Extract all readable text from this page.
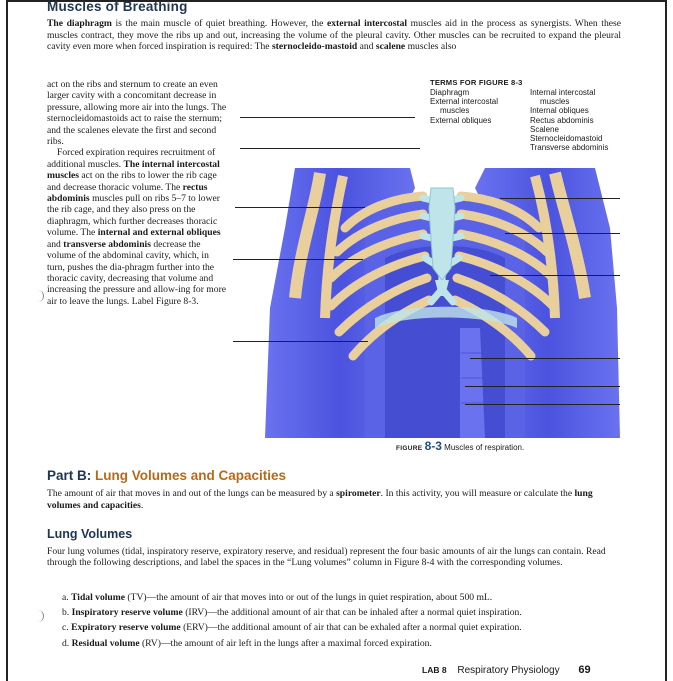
Muscles of Breathing
The diaphragm is the main muscle of quiet breathing. However, the external intercostal muscles aid in the process as synergists. When these muscles contract, they move the ribs up and out, increasing the volume of the pleural cavity. Other muscles can be recruited to expand the pleural cavity even more when forced inspiration is required: The sternocleido-mastoid and scalene muscles also

act on the ribs and sternum to create an even larger cavity with a concomitant decrease in pressure, allowing more air into the lungs. The sternocleidomastoids act to raise the sternum; and the scalenes elevate the first and second ribs.

Forced expiration requires recruitment of additional muscles. The internal intercostal muscles act on the ribs to lower the rib cage and decrease thoracic volume. The rectus abdominis muscles pull on ribs 5–7 to lower the rib cage, and they also press on the diaphragm, which further decreases thoracic volume. The internal and external obliques and transverse abdominis decrease the volume of the abdominal cavity, which, in turn, pushes the dia-phragm further into the thoracic cavity, decreasing that volume and increasing the pressure and allow-ing for more air to leave the lungs. Label Figure 8-3.

TERMS FOR FIGURE 8-3
Diaphragm
External intercostal
muscles
External obliques
Internal intercostal
muscles
Internal obliques
Rectus abdominis
Scalene
Sternocleidomastoid
Transverse abdominis
FIGURE 8-3 Muscles of respiration.
Part B: Lung Volumes and Capacities
The amount of air that moves in and out of the lungs can be measured by a spirometer. In this activity, you will measure or calculate the lung volumes and capacities.
Lung Volumes
Four lung volumes (tidal, inspiratory reserve, expiratory reserve, and residual) represent the four basic amounts of air the lungs can contain. Read through the following descriptions, and label the spaces in the “Lung volumes” column in Figure 8-4 with the corresponding volumes.
a. Tidal volume (TV)—the amount of air that moves into or out of the lungs in quiet respiration, about 500 mL.
b. Inspiratory reserve volume (IRV)—the additional amount of air that can be inhaled after a normal quiet inspiration.
c. Expiratory reserve volume (ERV)—the additional amount of air that can be exhaled after a normal quiet expiration.
d. Residual volume (RV)—the amount of air left in the lungs after a maximal forced expiration.
LAB 8 Respiratory Physiology 69
